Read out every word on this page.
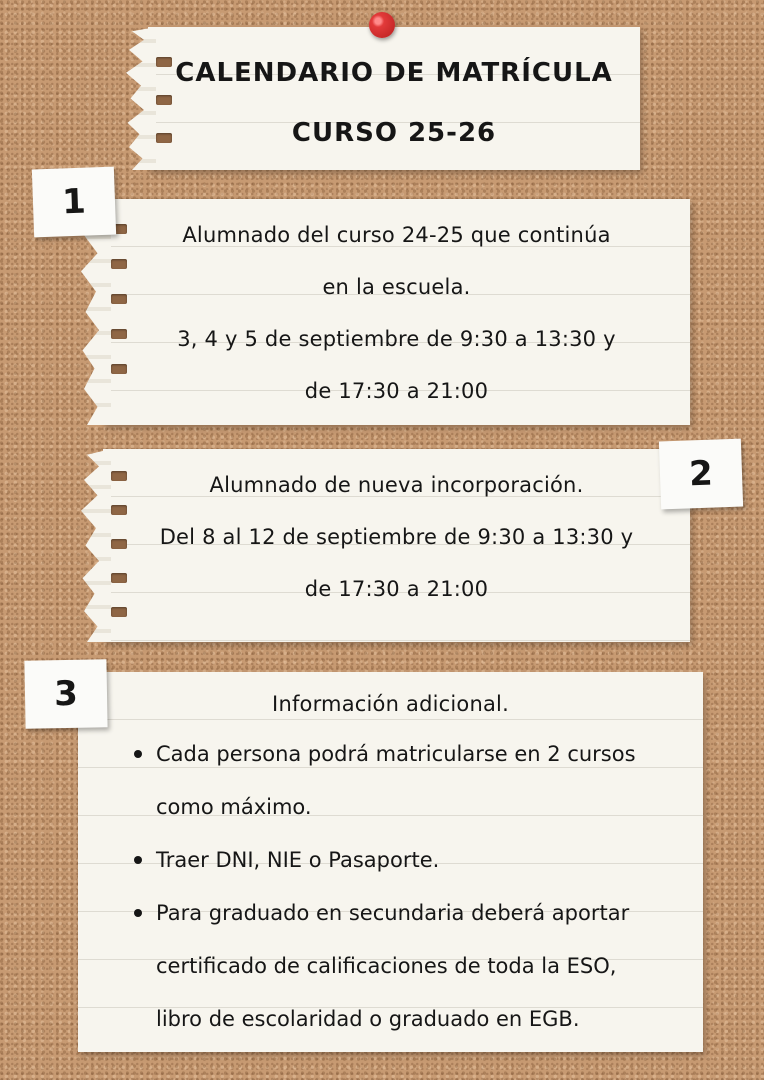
CALENDARIO DE MATRÍCULA
CURSO 25-26
Alumnado del curso 24-25 que continúa
en la escuela.
3, 4 y 5 de septiembre de 9:30 a 13:30 y
de 17:30 a 21:00
1
Alumnado de nueva incorporación.
Del 8 al 12 de septiembre de 9:30 a 13:30 y
de 17:30 a 21:00
2
Información adicional.
Cada persona podrá matricularse en 2 cursos
como máximo.
Traer DNI, NIE o Pasaporte.
Para graduado en secundaria deberá aportar
certificado de calificaciones de toda la ESO,
libro de escolaridad o graduado en EGB.
3
